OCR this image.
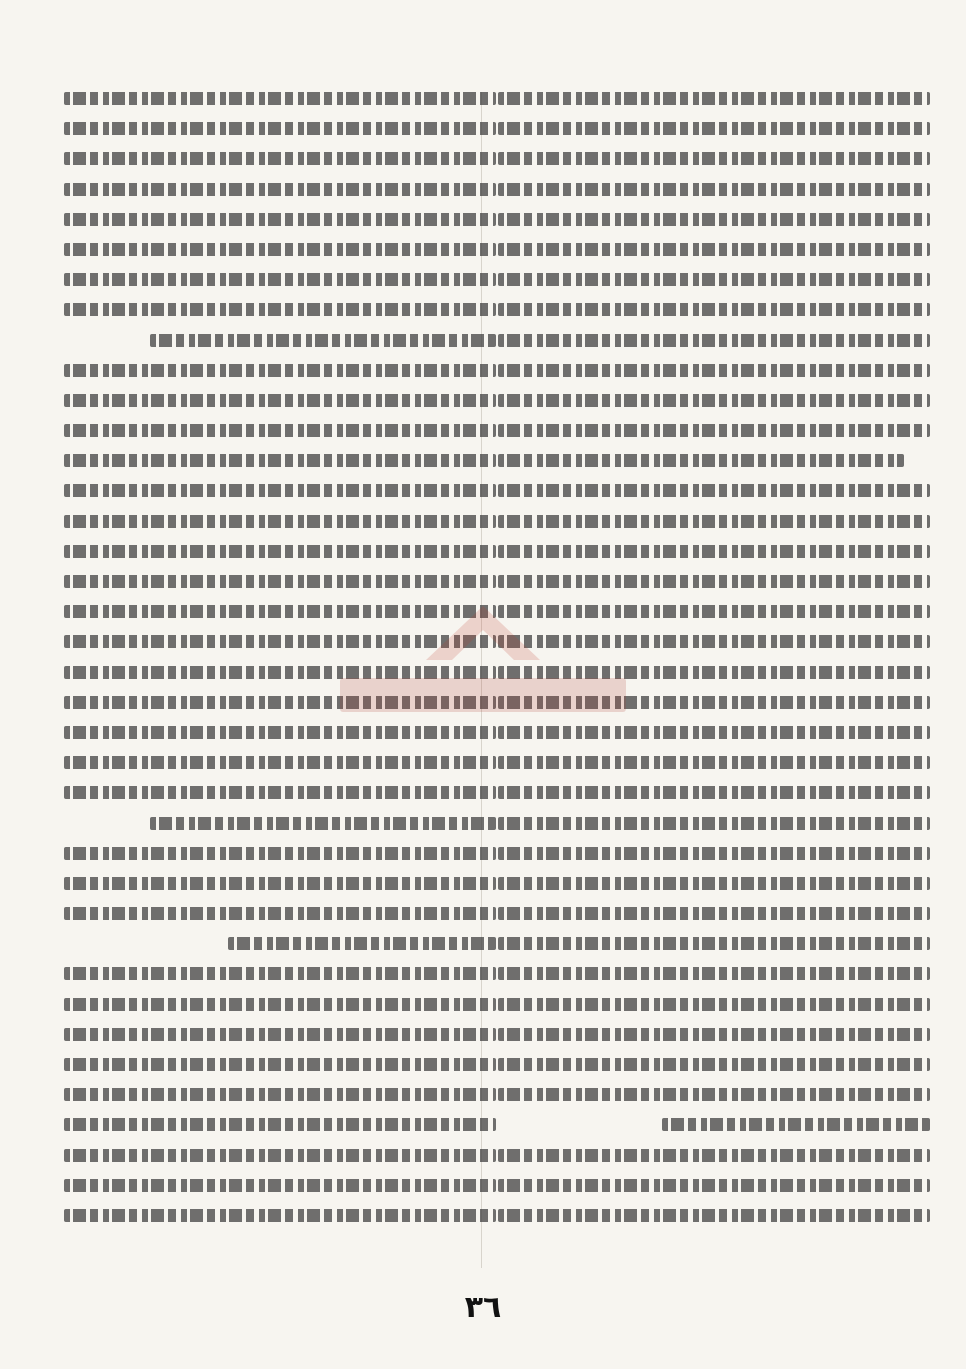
٣٦
